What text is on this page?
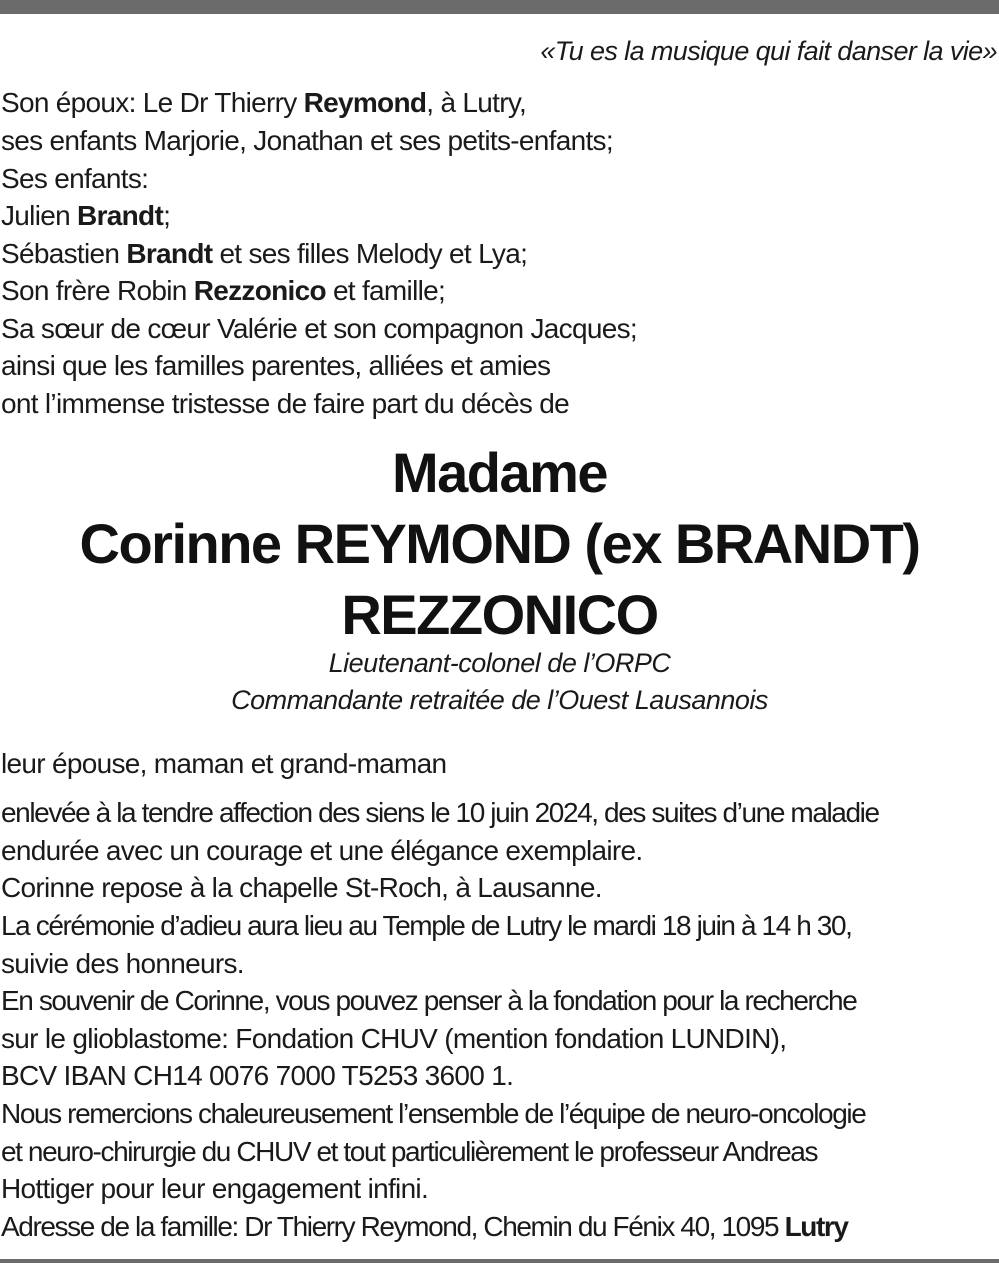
«Tu es la musique qui fait danser la vie»
Son époux: Le Dr Thierry Reymond, à Lutry,
ses enfants Marjorie, Jonathan et ses petits-enfants;
Ses enfants:
Julien Brandt;
Sébastien Brandt et ses filles Melody et Lya;
Son frère Robin Rezzonico et famille;
Sa sœur de cœur Valérie et son compagnon Jacques;
ainsi que les familles parentes, alliées et amies
ont l’immense tristesse de faire part du décès de
Madame
Corinne REYMOND (ex BRANDT)
REZZONICO
Lieutenant-colonel de l’ORPC
Commandante retraitée de l’Ouest Lausannois
leur épouse, maman et grand-maman
enlevée à la tendre affection des siens le 10 juin 2024, des suites d’une maladie
endurée avec un courage et une élégance exemplaire.
Corinne repose à la chapelle St-Roch, à Lausanne.
La cérémonie d’adieu aura lieu au Temple de Lutry le mardi 18 juin à 14 h 30,
suivie des honneurs.
En souvenir de Corinne, vous pouvez penser à la fondation pour la recherche
sur le glioblastome: Fondation CHUV (mention fondation LUNDIN),
BCV IBAN CH14 0076 7000 T5253 3600 1.
Nous remercions chaleureusement l’ensemble de l’équipe de neuro-oncologie
et neuro-chirurgie du CHUV et tout particulièrement le professeur Andreas
Hottiger pour leur engagement infini.
Adresse de la famille: Dr Thierry Reymond, Chemin du Fénix 40, 1095 Lutry
